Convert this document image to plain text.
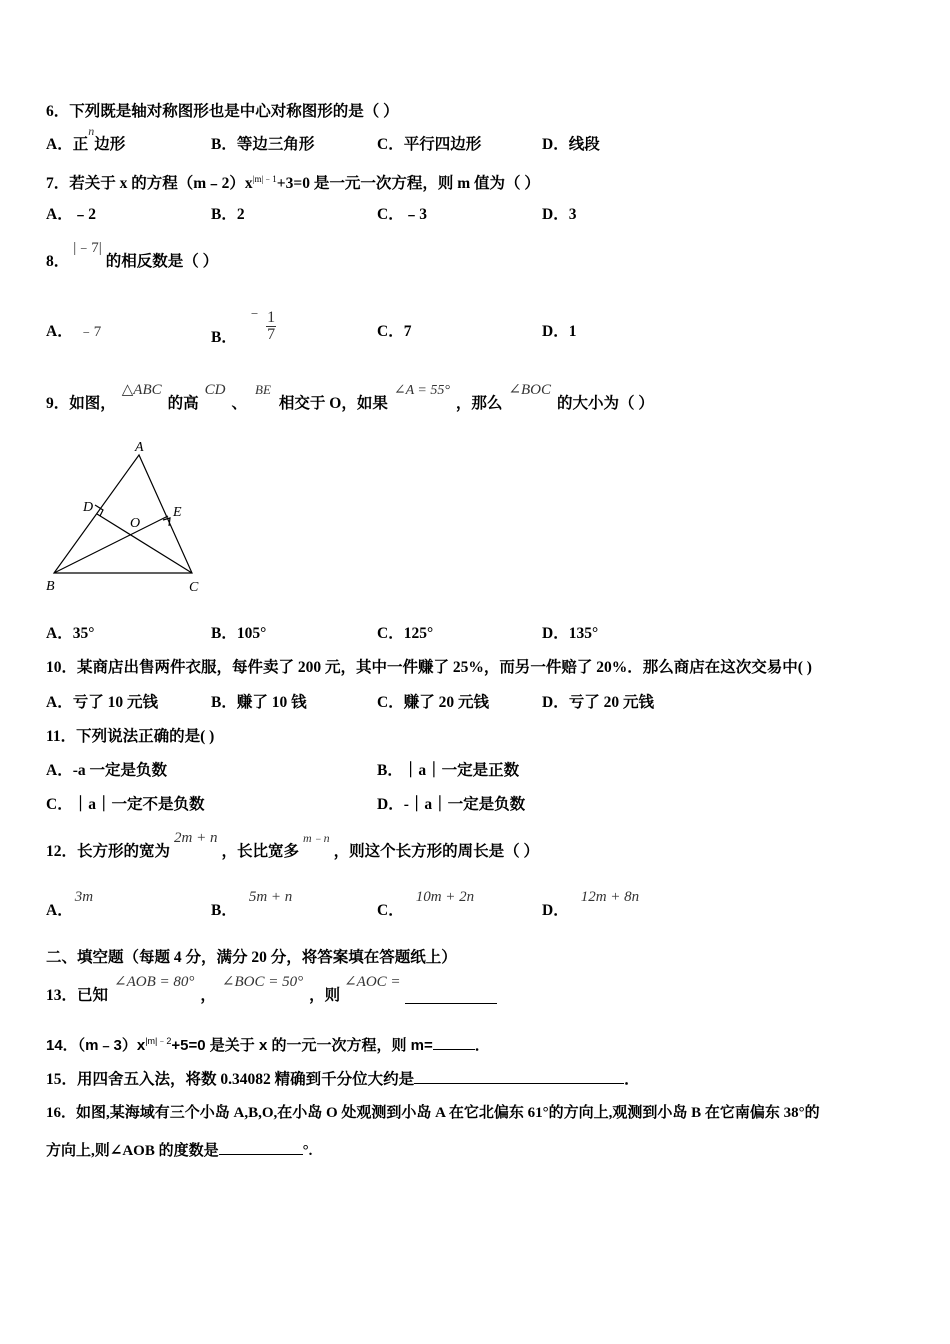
6．下列既是轴对称图形也是中心对称图形的是（ ）
A．正$^n$边形	B．等边三角形	C．平行四边形	D．线段
7．若关于 x 的方程$(m﹣2)x^{|m|﹣1}+3=0$ 是一元一次方程，则 m 值为（ ）
A．﹣2	B．2	C．﹣3	D．3
8．|﹣7|的相反数是（ ）
A． ﹣7	B． ﹣ $\frac{1}{7}$	C．7	D．1
9．如图，△ABC的高CD、$^{BE}$相交于 O，如果∠A = 55°，那么∠BOC的大小为（ ）
A
B	C
D	E
O
A．35°	B．105°	C．125°	D．135°
10．某商店出售两件衣服，每件卖了 200 元，其中一件赚了 25%，而另一件赔了 20%．那么商店在这次交易中( )
A．亏了 10 元钱	B．赚了 10 钱	C．赚了 20 元钱	D．亏了 20 元钱
11．下列说法正确的是( )
A．-a 一定是负数	B．｜a｜一定是正数
C．｜a｜一定不是负数	D．-｜a｜一定是负数
12．长方形的宽为2m + n，长比宽多$^{m﹣n}$，则这个长方形的周长是（ ）
A．3m
B．5m + n
C．10m + 2n
D．12m + 8n
二、填空题（每题 4 分，满分 20 分，将答案填在答题纸上）
13．已知∠AOB = 80°，∠BOC = 50°，则∠AOC =
14．$(m﹣3)x^{|m|﹣2}+5=0$ 是关于 x 的一元一次方程，则 m=	．
15．用四舍五入法，将数 0.34082 精确到千分位大约是	．
16．如图,某海域有三个小岛 A,B,O,在小岛 O 处观测到小岛 A 在它北偏东 61°的方向上,观测到小岛 B 在它南偏东 38°的
方向上,则∠AOB 的度数是	°.
